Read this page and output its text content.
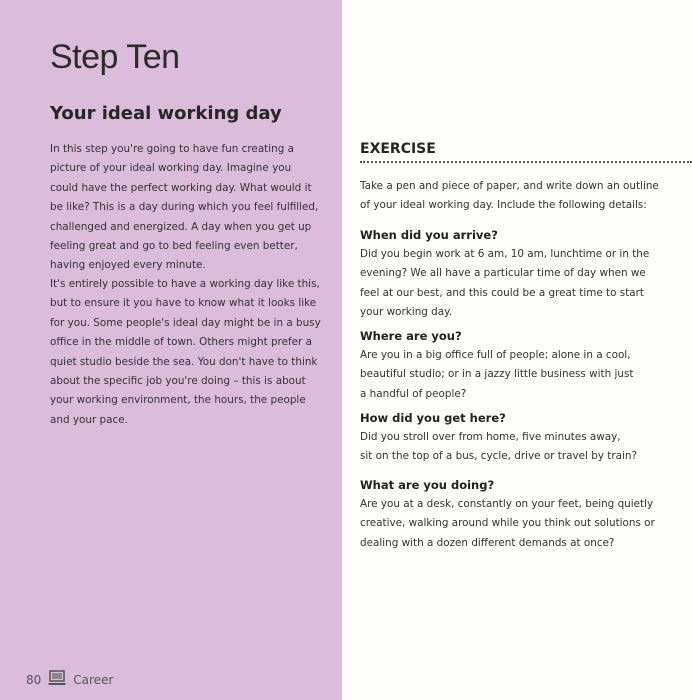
Step Ten
Your ideal working day
In this step you're going to have fun creating a
picture of your ideal working day. Imagine you
could have the perfect working day. What would it
be like? This is a day during which you feel fulfilled,
challenged and energized. A day when you get up
feeling great and go to bed feeling even better,
having enjoyed every minute.
It's entirely possible to have a working day like this,
but to ensure it you have to know what it looks like
for you. Some people's ideal day might be in a busy
office in the middle of town. Others might prefer a
quiet studio beside the sea. You don't have to think
about the specific job you're doing – this is about
your working environment, the hours, the people
and your pace.
80	Career
EXERCISE
Take a pen and piece of paper, and write down an outline
of your ideal working day. Include the following details:
When did you arrive?
Did you begin work at 6 am, 10 am, lunchtime or in the
evening? We all have a particular time of day when we
feel at our best, and this could be a great time to start
your working day.
Where are you?
Are you in a big office full of people; alone in a cool,
beautiful studio; or in a jazzy little business with just
a handful of people?
How did you get here?
Did you stroll over from home, five minutes away,
sit on the top of a bus, cycle, drive or travel by train?
What are you doing?
Are you at a desk, constantly on your feet, being quietly
creative, walking around while you think out solutions or
dealing with a dozen different demands at once?
